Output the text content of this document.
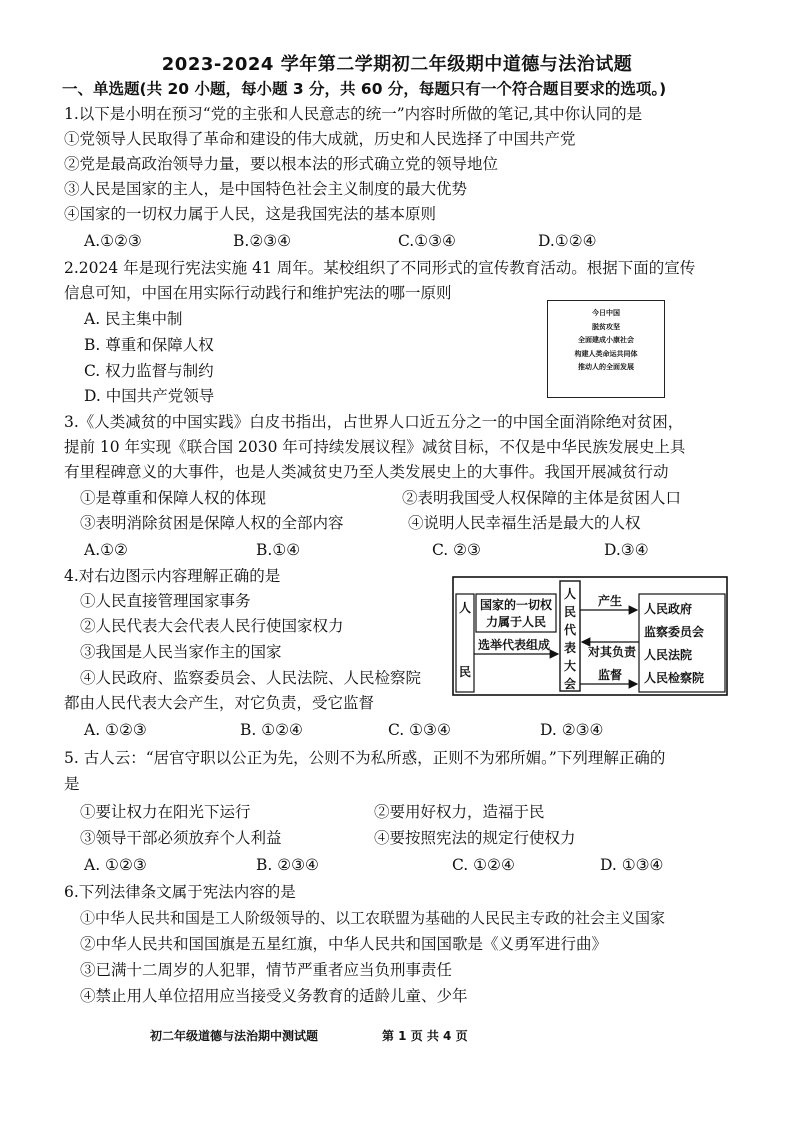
2023-2024 学年第二学期初二年级期中道德与法治试题
一、单选题(共 20 小题，每小题 3 分，共 60 分，每题只有一个符合题目要求的选项。)
1.以下是小明在预习“党的主张和人民意志的统一”内容时所做的笔记,其中你认同的是
①党领导人民取得了革命和建设的伟大成就，历史和人民选择了中国共产党
②党是最高政治领导力量，要以根本法的形式确立党的领导地位
③人民是国家的主人，是中国特色社会主义制度的最大优势
④国家的一切权力属于人民，这是我国宪法的基本原则
A.①②③	B.②③④	C.①③④	D.①②④
2.2024 年是现行宪法实施 41 周年。某校组织了不同形式的宣传教育活动。根据下面的宣传
信息可知，中国在用实际行动践行和维护宪法的哪一原则
A. 民主集中制
B. 尊重和保障人权
C. 权力监督与制约
D. 中国共产党领导
今日中国
脱贫攻坚
全面建成小康社会
构建人类命运共同体
推动人的全面发展
3.《人类减贫的中国实践》白皮书指出，占世界人口近五分之一的中国全面消除绝对贫困，
提前 10 年实现《联合国 2030 年可持续发展议程》减贫目标，不仅是中华民族发展史上具
有里程碑意义的大事件，也是人类减贫史乃至人类发展史上的大事件。我国开展减贫行动
①是尊重和保障人权的体现	②表明我国受人权保障的主体是贫困人口
③表明消除贫困是保障人权的全部内容	④说明人民幸福生活是最大的人权
A.①②	B.①④	C. ②③	D.③④
4.对右边图示内容理解正确的是
①人民直接管理国家事务
②人民代表大会代表人民行使国家权力
③我国是人民当家作主的国家
④人民政府、监察委员会、人民法院、人民检察院
都由人民代表大会产生，对它负责，受它监督
A. ①②③	B. ①②④	C. ①③④	D. ②③④
人
民
国家的一切权
力属于人民
选举代表组成
人
民
代
表
大
会
人民政府
监察委员会
人民法院
人民检察院
产生
对其负责
监督
5. 古人云：“居官守职以公正为先，公则不为私所惑，正则不为邪所媚。”下列理解正确的
是
①要让权力在阳光下运行	②要用好权力，造福于民
③领导干部必须放弃个人利益	④要按照宪法的规定行使权力
A. ①②③	B. ②③④	C. ①②④	D. ①③④
6.下列法律条文属于宪法内容的是
①中华人民共和国是工人阶级领导的、以工农联盟为基础的人民民主专政的社会主义国家
②中华人民共和国国旗是五星红旗，中华人民共和国国歌是《义勇军进行曲》
③已满十二周岁的人犯罪，情节严重者应当负刑事责任
④禁止用人单位招用应当接受义务教育的适龄儿童、少年
初二年级道德与法治期中测试题	第 1 页 共 4 页
